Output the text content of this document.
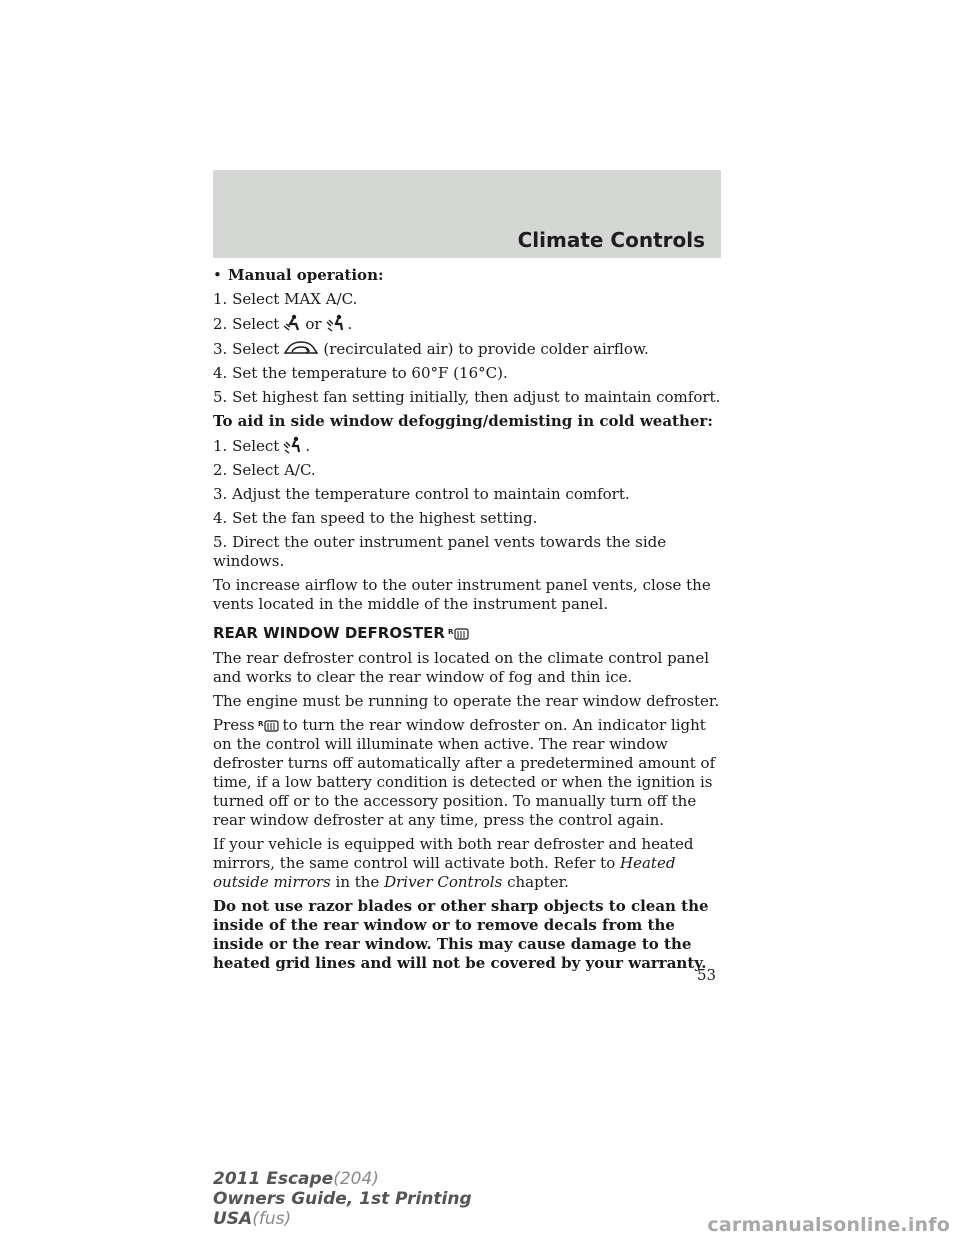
Climate Controls

• Manual operation:

1. Select MAX A/C.

2. Select or .

3. Select	(recirculated air) to provide colder airflow.

4. Set the temperature to 60°F (16°C).

5. Set highest fan setting initially, then adjust to maintain comfort.

To aid in side window defogging/demisting in cold weather:

1. Select .

2. Select A/C.

3. Adjust the temperature control to maintain comfort.

4. Set the fan speed to the highest setting.

5. Direct the outer instrument panel vents towards the side windows.

To increase airflow to the outer instrument panel vents, close the vents located in the middle of the instrument panel.

REAR WINDOW DEFROSTER R

The rear defroster control is located on the climate control panel and works to clear the rear window of fog and thin ice.

The engine must be running to operate the rear window defroster.

Press R to turn the rear window defroster on. An indicator light on the control will illuminate when active. The rear window defroster turns off automatically after a predetermined amount of time, if a low battery condition is detected or when the ignition is turned off or to the accessory position. To manually turn off the rear window defroster at any time, press the control again.

If your vehicle is equipped with both rear defroster and heated mirrors, the same control will activate both. Refer to Heated outside mirrors in the Driver Controls chapter.

Do not use razor blades or other sharp objects to clean the inside of the rear window or to remove decals from the inside or the rear window. This may cause damage to the heated grid lines and will not be covered by your warranty.

53
2011 Escape(204)
Owners Guide, 1st Printing
USA(fus)	carmanualsonline.info
